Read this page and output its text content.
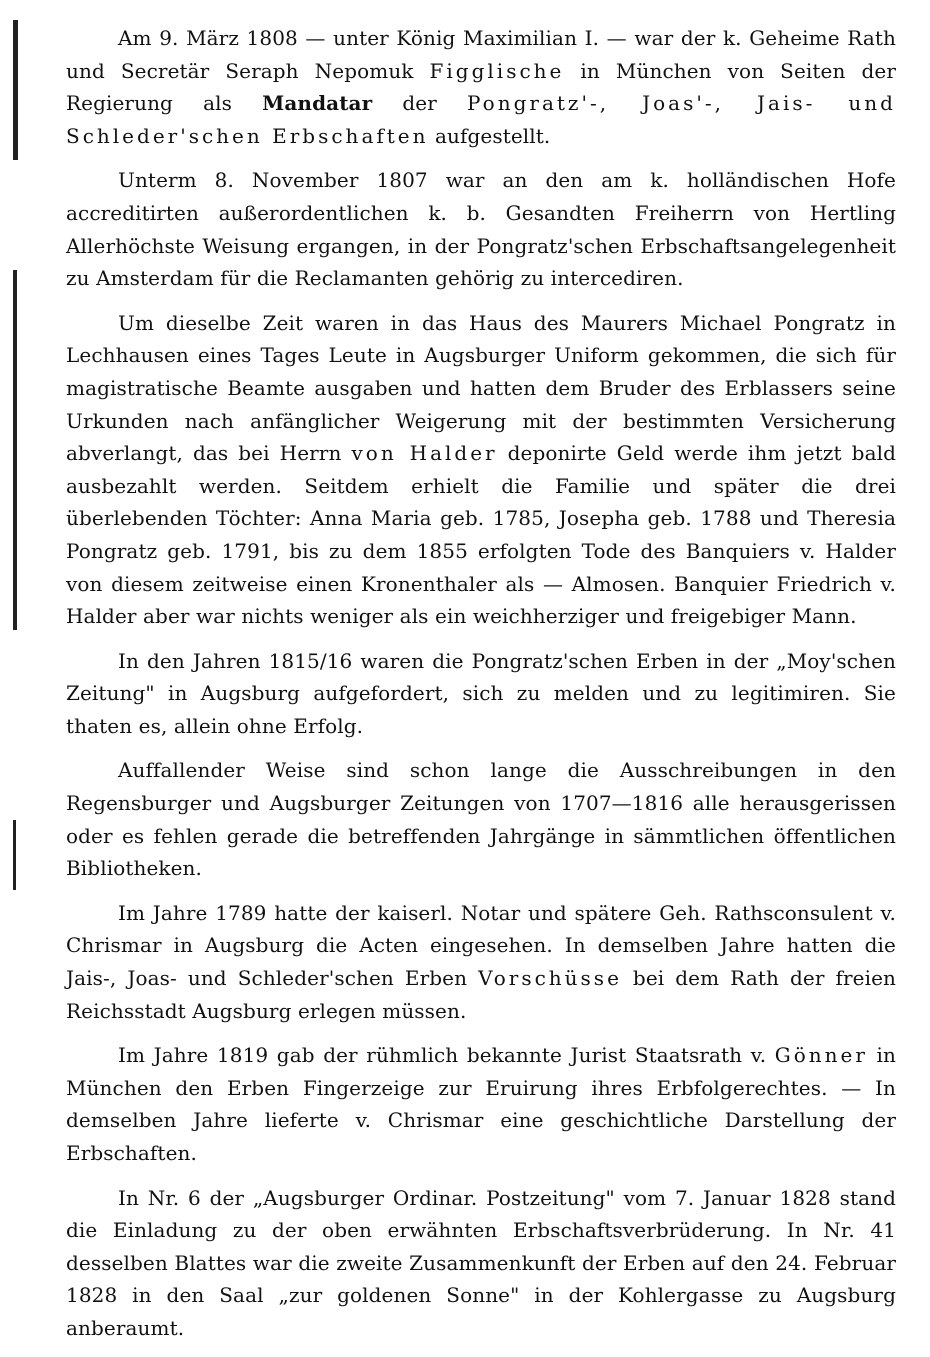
Am 9. März 1808 — unter König Maximilian I. — war der k. Geheime Rath und Secretär Seraph Nepomuk Figglische in München von Seiten der Regierung als Mandatar der Pongratz'-, Joas'-, Jais- und Schleder'schen Erbschaften aufgestellt.

Unterm 8. November 1807 war an den am k. holländischen Hofe accreditirten außerordentlichen k. b. Gesandten Freiherrn von Hertling Allerhöchste Weisung ergangen, in der Pongratz'schen Erbschaftsangelegenheit zu Amsterdam für die Reclamanten gehörig zu intercediren.

Um dieselbe Zeit waren in das Haus des Maurers Michael Pongratz in Lechhausen eines Tages Leute in Augsburger Uniform gekommen, die sich für magistratische Beamte ausgaben und hatten dem Bruder des Erblassers seine Urkunden nach anfänglicher Weigerung mit der bestimmten Versicherung abverlangt, das bei Herrn von Halder deponirte Geld werde ihm jetzt bald ausbezahlt werden. Seitdem erhielt die Familie und später die drei überlebenden Töchter: Anna Maria geb. 1785, Josepha geb. 1788 und Theresia Pongratz geb. 1791, bis zu dem 1855 erfolgten Tode des Banquiers v. Halder von diesem zeitweise einen Kronenthaler als — Almosen. Banquier Friedrich v. Halder aber war nichts weniger als ein weichherziger und freigebiger Mann.

In den Jahren 1815/16 waren die Pongratz'schen Erben in der „Moy'schen Zeitung" in Augsburg aufgefordert, sich zu melden und zu legitimiren. Sie thaten es, allein ohne Erfolg.

Auffallender Weise sind schon lange die Ausschreibungen in den Regensburger und Augsburger Zeitungen von 1707—1816 alle herausgerissen oder es fehlen gerade die betreffenden Jahrgänge in sämmtlichen öffentlichen Bibliotheken.

Im Jahre 1789 hatte der kaiserl. Notar und spätere Geh. Rathsconsulent v. Chrismar in Augsburg die Acten eingesehen. In demselben Jahre hatten die Jais-, Joas- und Schleder'schen Erben Vorschüsse bei dem Rath der freien Reichsstadt Augsburg erlegen müssen.

Im Jahre 1819 gab der rühmlich bekannte Jurist Staatsrath v. Gönner in München den Erben Fingerzeige zur Eruirung ihres Erbfolgerechtes. — In demselben Jahre lieferte v. Chrismar eine geschichtliche Darstellung der Erbschaften.

In Nr. 6 der „Augsburger Ordinar. Postzeitung" vom 7. Januar 1828 stand die Einladung zu der oben erwähnten Erbschaftsverbrüderung. In Nr. 41 desselben Blattes war die zweite Zusammenkunft der Erben auf den 24. Februar 1828 in den Saal „zur goldenen Sonne" in der Kohlergasse zu Augsburg anberaumt.
